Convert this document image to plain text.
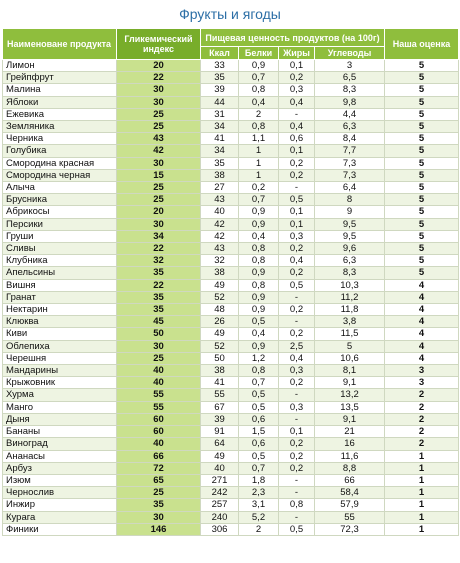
Фрукты и ягоды
Наименоване продукта	Гликемический индекс	Пищевая ценность продуктов (на 100г)				Наша оценка
		Ккал	Белки	Жиры	Углеводы	
Лимон	20	33	0,9	0,1	3	5
Грейпфрут	22	35	0,7	0,2	6,5	5
Малина	30	39	0,8	0,3	8,3	5
Яблоки	30	44	0,4	0,4	9,8	5
Ежевика	25	31	2	-	4,4	5
Земляника	25	34	0,8	0,4	6,3	5
Черника	43	41	1,1	0,6	8,4	5
Голубика	42	34	1	0,1	7,7	5
Смородина красная	30	35	1	0,2	7,3	5
Смородина черная	15	38	1	0,2	7,3	5
Алыча	25	27	0,2	-	6,4	5
Брусника	25	43	0,7	0,5	8	5
Абрикосы	20	40	0,9	0,1	9	5
Персики	30	42	0,9	0,1	9,5	5
Груши	34	42	0,4	0,3	9,5	5
Сливы	22	43	0,8	0,2	9,6	5
Клубника	32	32	0,8	0,4	6,3	5
Апельсины	35	38	0,9	0,2	8,3	5
Вишня	22	49	0,8	0,5	10,3	4
Гранат	35	52	0,9	-	11,2	4
Нектарин	35	48	0,9	0,2	11,8	4
Клюква	45	26	0,5	-	3,8	4
Киви	50	49	0,4	0,2	11,5	4
Облепиха	30	52	0,9	2,5	5	4
Черешня	25	50	1,2	0,4	10,6	4
Мандарины	40	38	0,8	0,3	8,1	3
Крыжовник	40	41	0,7	0,2	9,1	3
Хурма	55	55	0,5	-	13,2	2
Манго	55	67	0,5	0,3	13,5	2
Дыня	60	39	0,6	-	9,1	2
Бананы	60	91	1,5	0,1	21	2
Виноград	40	64	0,6	0,2	16	2
Ананасы	66	49	0,5	0,2	11,6	1
Арбуз	72	40	0,7	0,2	8,8	1
Изюм	65	271	1,8	-	66	1
Чернослив	25	242	2,3	-	58,4	1
Инжир	35	257	3,1	0,8	57,9	1
Курага	30	240	5,2	-	55	1
Финики	146	306	2	0,5	72,3	1
